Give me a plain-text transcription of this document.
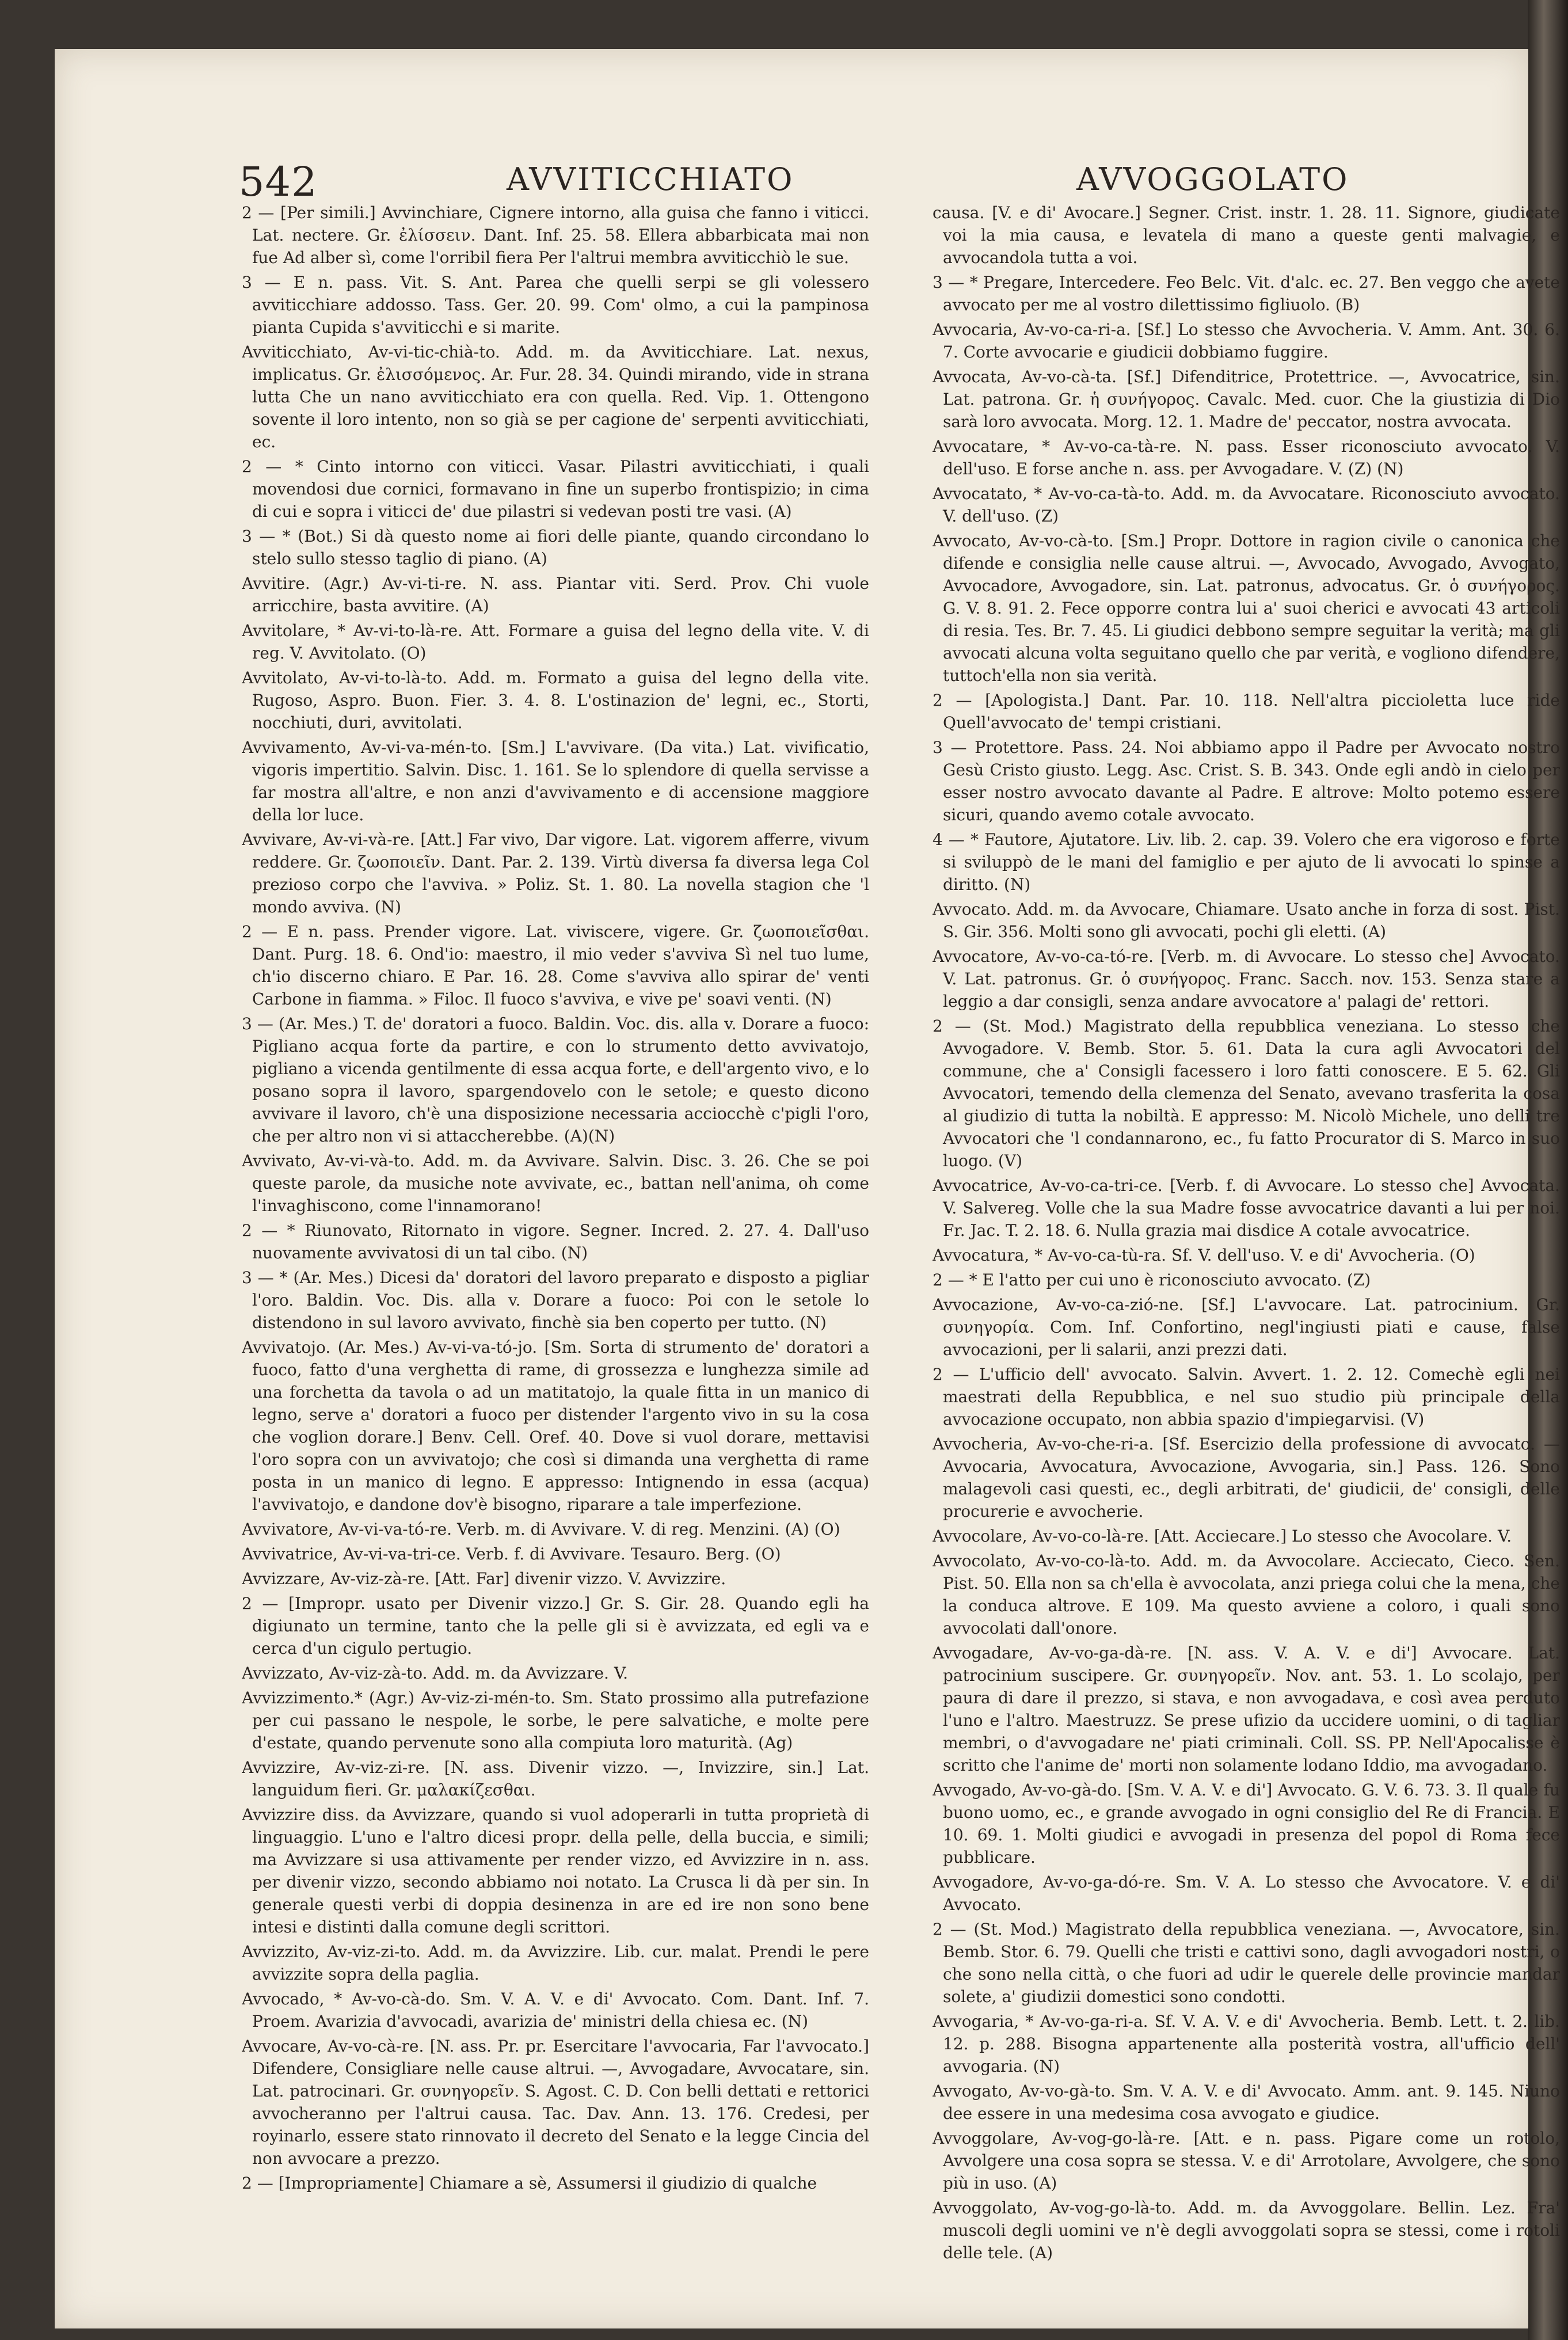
542	AVVITICCHIATO	AVVOGGOLATO
2 — [Per simili.] Avvinchiare, Cignere intorno, alla guisa che fanno i viticci. Lat. nectere. Gr. ἐλίσσειν. Dant. Inf. 25. 58. Ellera abbarbicata mai non fue Ad alber sì, come l'orribil fiera Per l'altrui membra avviticchiò le sue.
3 — E n. pass. Vit. S. Ant. Parea che quelli serpi se gli volessero avviticchiare addosso. Tass. Ger. 20. 99. Com' olmo, a cui la pampinosa pianta Cupida s'avviticchi e si marite.
Avviticchiato, Av-vi-tic-chià-to. Add. m. da Avviticchiare. Lat. nexus, implicatus. Gr. ἐλισσόμενος. Ar. Fur. 28. 34. Quindi mirando, vide in strana lutta Che un nano avviticchiato era con quella. Red. Vip. 1. Ottengono sovente il loro intento, non so già se per cagione de' serpenti avviticchiati, ec.
2 — * Cinto intorno con viticci. Vasar. Pilastri avviticchiati, i quali movendosi due cornici, formavano in fine un superbo frontispizio; in cima di cui e sopra i viticci de' due pilastri si vedevan posti tre vasi. (A)
3 — * (Bot.) Si dà questo nome ai fiori delle piante, quando circondano lo stelo sullo stesso taglio di piano. (A)
Avvitire. (Agr.) Av-vi-ti-re. N. ass. Piantar viti. Serd. Prov. Chi vuole arricchire, basta avvitire. (A)
Avvitolare, * Av-vi-to-là-re. Att. Formare a guisa del legno della vite. V. di reg. V. Avvitolato. (O)
Avvitolato, Av-vi-to-là-to. Add. m. Formato a guisa del legno della vite. Rugoso, Aspro. Buon. Fier. 3. 4. 8. L'ostinazion de' legni, ec., Storti, nocchiuti, duri, avvitolati.
Avvivamento, Av-vi-va-mén-to. [Sm.] L'avvivare. (Da vita.) Lat. vivificatio, vigoris impertitio. Salvin. Disc. 1. 161. Se lo splendore di quella servisse a far mostra all'altre, e non anzi d'avvivamento e di accensione maggiore della lor luce.
Avvivare, Av-vi-và-re. [Att.] Far vivo, Dar vigore. Lat. vigorem afferre, vivum reddere. Gr. ζωοποιεῖν. Dant. Par. 2. 139. Virtù diversa fa diversa lega Col prezioso corpo che l'avviva. » Poliz. St. 1. 80. La novella stagion che 'l mondo avviva. (N)
2 — E n. pass. Prender vigore. Lat. viviscere, vigere. Gr. ζωοποιεῖσθαι. Dant. Purg. 18. 6. Ond'io: maestro, il mio veder s'avviva Sì nel tuo lume, ch'io discerno chiaro. E Par. 16. 28. Come s'avviva allo spirar de' venti Carbone in fiamma. » Filoc. Il fuoco s'avviva, e vive pe' soavi venti. (N)
3 — (Ar. Mes.) T. de' doratori a fuoco. Baldin. Voc. dis. alla v. Dorare a fuoco: Pigliano acqua forte da partire, e con lo strumento detto avvivatojo, pigliano a vicenda gentilmente di essa acqua forte, e dell'argento vivo, e lo posano sopra il lavoro, spargendovelo con le setole; e questo dicono avvivare il lavoro, ch'è una disposizione necessaria acciocchè c'pigli l'oro, che per altro non vi si attaccherebbe. (A)(N)
Avvivato, Av-vi-và-to. Add. m. da Avvivare. Salvin. Disc. 3. 26. Che se poi queste parole, da musiche note avvivate, ec., battan nell'anima, oh come l'invaghiscono, come l'innamorano!
2 — * Riunovato, Ritornato in vigore. Segner. Incred. 2. 27. 4. Dall'uso nuovamente avvivatosi di un tal cibo. (N)
3 — * (Ar. Mes.) Dicesi da' doratori del lavoro preparato e disposto a pigliar l'oro. Baldin. Voc. Dis. alla v. Dorare a fuoco: Poi con le setole lo distendono in sul lavoro avvivato, finchè sia ben coperto per tutto. (N)
Avvivatojo. (Ar. Mes.) Av-vi-va-tó-jo. [Sm. Sorta di strumento de' doratori a fuoco, fatto d'una verghetta di rame, di grossezza e lunghezza simile ad una forchetta da tavola o ad un matitatojo, la quale fitta in un manico di legno, serve a' doratori a fuoco per distender l'argento vivo in su la cosa che voglion dorare.] Benv. Cell. Oref. 40. Dove si vuol dorare, mettavisi l'oro sopra con un avvivatojo; che così si dimanda una verghetta di rame posta in un manico di legno. E appresso: Intignendo in essa (acqua) l'avvivatojo, e dandone dov'è bisogno, riparare a tale imperfezione.
Avvivatore, Av-vi-va-tó-re. Verb. m. di Avvivare. V. di reg. Menzini. (A) (O)
Avvivatrice, Av-vi-va-tri-ce. Verb. f. di Avvivare. Tesauro. Berg. (O)
Avvizzare, Av-viz-zà-re. [Att. Far] divenir vizzo. V. Avvizzire.
2 — [Impropr. usato per Divenir vizzo.] Gr. S. Gir. 28. Quando egli ha digiunato un termine, tanto che la pelle gli si è avvizzata, ed egli va e cerca d'un cigulo pertugio.
Avvizzato, Av-viz-zà-to. Add. m. da Avvizzare. V.
Avvizzimento.* (Agr.) Av-viz-zi-mén-to. Sm. Stato prossimo alla putrefazione per cui passano le nespole, le sorbe, le pere salvatiche, e molte pere d'estate, quando pervenute sono alla compiuta loro maturità. (Ag)
Avvizzire, Av-viz-zi-re. [N. ass. Divenir vizzo. —, Invizzire, sin.] Lat. languidum fieri. Gr. μαλακίζεσθαι.
Avvizzire diss. da Avvizzare, quando si vuol adoperarli in tutta proprietà di linguaggio. L'uno e l'altro dicesi propr. della pelle, della buccia, e simili; ma Avvizzare si usa attivamente per render vizzo, ed Avvizzire in n. ass. per divenir vizzo, secondo abbiamo noi notato. La Crusca li dà per sin. In generale questi verbi di doppia desinenza in are ed ire non sono bene intesi e distinti dalla comune degli scrittori.
Avvizzito, Av-viz-zi-to. Add. m. da Avvizzire. Lib. cur. malat. Prendi le pere avvizzite sopra della paglia.
Avvocado, * Av-vo-cà-do. Sm. V. A. V. e di' Avvocato. Com. Dant. Inf. 7. Proem. Avarizia d'avvocadi, avarizia de' ministri della chiesa ec. (N)
Avvocare, Av-vo-cà-re. [N. ass. Pr. pr. Esercitare l'avvocaria, Far l'avvocato.] Difendere, Consigliare nelle cause altrui. —, Avvogadare, Avvocatare, sin. Lat. patrocinari. Gr. συνηγορεῖν. S. Agost. C. D. Con belli dettati e rettorici avvocheranno per l'altrui causa. Tac. Dav. Ann. 13. 176. Credesi, per royinarlo, essere stato rinnovato il decreto del Senato e la legge Cincia del non avvocare a prezzo.
2 — [Impropriamente] Chiamare a sè, Assumersi il giudizio di qualche
causa. [V. e di' Avocare.] Segner. Crist. instr. 1. 28. 11. Signore, giudicate voi la mia causa, e levatela di mano a queste genti malvagie, e avvocandola tutta a voi.
3 — * Pregare, Intercedere. Feo Belc. Vit. d'alc. ec. 27. Ben veggo che avete avvocato per me al vostro dilettissimo figliuolo. (B)
Avvocaria, Av-vo-ca-ri-a. [Sf.] Lo stesso che Avvocheria. V. Amm. Ant. 30. 6. 7. Corte avvocarie e giudicii dobbiamo fuggire.
Avvocata, Av-vo-cà-ta. [Sf.] Difenditrice, Protettrice. —, Avvocatrice, sin. Lat. patrona. Gr. ἡ συνήγορος. Cavalc. Med. cuor. Che la giustizia di Dio sarà loro avvocata. Morg. 12. 1. Madre de' peccator, nostra avvocata.
Avvocatare, * Av-vo-ca-tà-re. N. pass. Esser riconosciuto avvocato. V. dell'uso. E forse anche n. ass. per Avvogadare. V. (Z) (N)
Avvocatato, * Av-vo-ca-tà-to. Add. m. da Avvocatare. Riconosciuto avvocato. V. dell'uso. (Z)
Avvocato, Av-vo-cà-to. [Sm.] Propr. Dottore in ragion civile o canonica che difende e consiglia nelle cause altrui. —, Avvocado, Avvogado, Avvogato, Avvocadore, Avvogadore, sin. Lat. patronus, advocatus. Gr. ὁ συνήγορος. G. V. 8. 91. 2. Fece opporre contra lui a' suoi cherici e avvocati 43 articoli di resia. Tes. Br. 7. 45. Li giudici debbono sempre seguitar la verità; ma gli avvocati alcuna volta seguitano quello che par verità, e vogliono difendere, tuttoch'ella non sia verità.
2 — [Apologista.] Dant. Par. 10. 118. Nell'altra piccioletta luce ride Quell'avvocato de' tempi cristiani.
3 — Protettore. Pass. 24. Noi abbiamo appo il Padre per Avvocato nostro Gesù Cristo giusto. Legg. Asc. Crist. S. B. 343. Onde egli andò in cielo per esser nostro avvocato davante al Padre. E altrove: Molto potemo essere sicuri, quando avemo cotale avvocato.
4 — * Fautore, Ajutatore. Liv. lib. 2. cap. 39. Volero che era vigoroso e forte si sviluppò de le mani del famiglio e per ajuto de li avvocati lo spinse a diritto. (N)
Avvocato. Add. m. da Avvocare, Chiamare. Usato anche in forza di sost. Pist. S. Gir. 356. Molti sono gli avvocati, pochi gli eletti. (A)
Avvocatore, Av-vo-ca-tó-re. [Verb. m. di Avvocare. Lo stesso che] Avvocato. V. Lat. patronus. Gr. ὁ συνήγορος. Franc. Sacch. nov. 153. Senza stare a leggio a dar consigli, senza andare avvocatore a' palagi de' rettori.
2 — (St. Mod.) Magistrato della repubblica veneziana. Lo stesso che Avvogadore. V. Bemb. Stor. 5. 61. Data la cura agli Avvocatori del commune, che a' Consigli facessero i loro fatti conoscere. E 5. 62. Gli Avvocatori, temendo della clemenza del Senato, avevano trasferita la cosa al giudizio di tutta la nobiltà. E appresso: M. Nicolò Michele, uno delli tre Avvocatori che 'l condannarono, ec., fu fatto Procurator di S. Marco in suo luogo. (V)
Avvocatrice, Av-vo-ca-tri-ce. [Verb. f. di Avvocare. Lo stesso che] Avvocata. V. Salvereg. Volle che la sua Madre fosse avvocatrice davanti a lui per noi. Fr. Jac. T. 2. 18. 6. Nulla grazia mai disdice A cotale avvocatrice.
Avvocatura, * Av-vo-ca-tù-ra. Sf. V. dell'uso. V. e di' Avvocheria. (O)
2 — * E l'atto per cui uno è riconosciuto avvocato. (Z)
Avvocazione, Av-vo-ca-zió-ne. [Sf.] L'avvocare. Lat. patrocinium. Gr. συνηγορία. Com. Inf. Confortino, negl'ingiusti piati e cause, false avvocazioni, per li salarii, anzi prezzi dati.
2 — L'ufficio dell' avvocato. Salvin. Avvert. 1. 2. 12. Comechè egli nei maestrati della Repubblica, e nel suo studio più principale della avvocazione occupato, non abbia spazio d'impiegarvisi. (V)
Avvocheria, Av-vo-che-ri-a. [Sf. Esercizio della professione di avvocato. — Avvocaria, Avvocatura, Avvocazione, Avvogaria, sin.] Pass. 126. Sono malagevoli casi questi, ec., degli arbitrati, de' giudicii, de' consigli, delle procurerie e avvocherie.
Avvocolare, Av-vo-co-là-re. [Att. Acciecare.] Lo stesso che Avocolare. V.
Avvocolato, Av-vo-co-là-to. Add. m. da Avvocolare. Acciecato, Cieco. Sen. Pist. 50. Ella non sa ch'ella è avvocolata, anzi priega colui che la mena, che la conduca altrove. E 109. Ma questo avviene a coloro, i quali sono avvocolati dall'onore.
Avvogadare, Av-vo-ga-dà-re. [N. ass. V. A. V. e di'] Avvocare. Lat. patrocinium suscipere. Gr. συνηγορεῖν. Nov. ant. 53. 1. Lo scolajo, per paura di dare il prezzo, si stava, e non avvogadava, e così avea perduto l'uno e l'altro. Maestruzz. Se prese ufizio da uccidere uomini, o di tagliar membri, o d'avvogadare ne' piati criminali. Coll. SS. PP. Nell'Apocalisse è scritto che l'anime de' morti non solamente lodano Iddio, ma avvogadano.
Avvogado, Av-vo-gà-do. [Sm. V. A. V. e di'] Avvocato. G. V. 6. 73. 3. Il quale fu buono uomo, ec., e grande avvogado in ogni consiglio del Re di Francia. E 10. 69. 1. Molti giudici e avvogadi in presenza del popol di Roma fece pubblicare.
Avvogadore, Av-vo-ga-dó-re. Sm. V. A. Lo stesso che Avvocatore. V. e di' Avvocato.
2 — (St. Mod.) Magistrato della repubblica veneziana. —, Avvocatore, sin. Bemb. Stor. 6. 79. Quelli che tristi e cattivi sono, dagli avvogadori nostri, o che sono nella città, o che fuori ad udir le querele delle provincie mandar solete, a' giudizii domestici sono condotti.
Avvogaria, * Av-vo-ga-ri-a. Sf. V. A. V. e di' Avvocheria. Bemb. Lett. t. 2. lib. 12. p. 288. Bisogna appartenente alla posterità vostra, all'ufficio dell' avvogaria. (N)
Avvogato, Av-vo-gà-to. Sm. V. A. V. e di' Avvocato. Amm. ant. 9. 145. Niuno dee essere in una medesima cosa avvogato e giudice.
Avvoggolare, Av-vog-go-là-re. [Att. e n. pass. Pigare come un rotolo, Avvolgere una cosa sopra se stessa. V. e di' Arrotolare, Avvolgere, che sono più in uso. (A)
Avvoggolato, Av-vog-go-là-to. Add. m. da Avvoggolare. Bellin. Lez. Fra' muscoli degli uomini ve n'è degli avvoggolati sopra se stessi, come i rotoli delle tele. (A)
